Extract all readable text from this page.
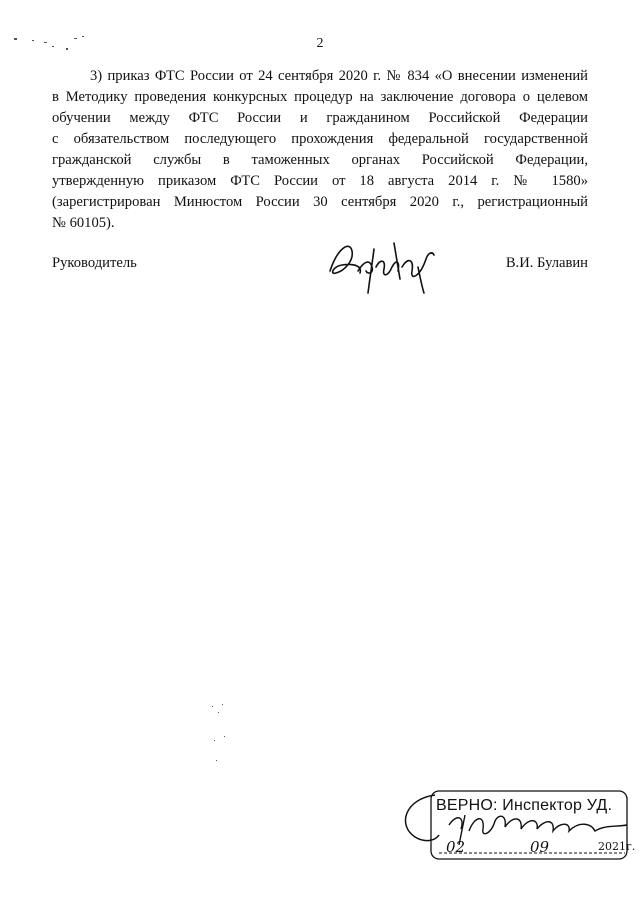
2
3) приказ ФТС России от 24 сентября 2020 г. № 834 «О внесении изменений
в Методику проведения конкурсных процедур на заключение договора о целевом
обучении между ФТС России и гражданином Российской Федерации
с обязательством последующего прохождения федеральной государственной
гражданской службы в таможенных органах Российской Федерации,
утвержденную приказом ФТС России от 18 августа 2014 г. № 1580»
(зарегистрирован Минюстом России 30 сентября 2020 г., регистрационный
№ 60105).
Руководитель	В.И. Булавин
ВЕРНО: Инспектор УД.
02	09	2021г.
